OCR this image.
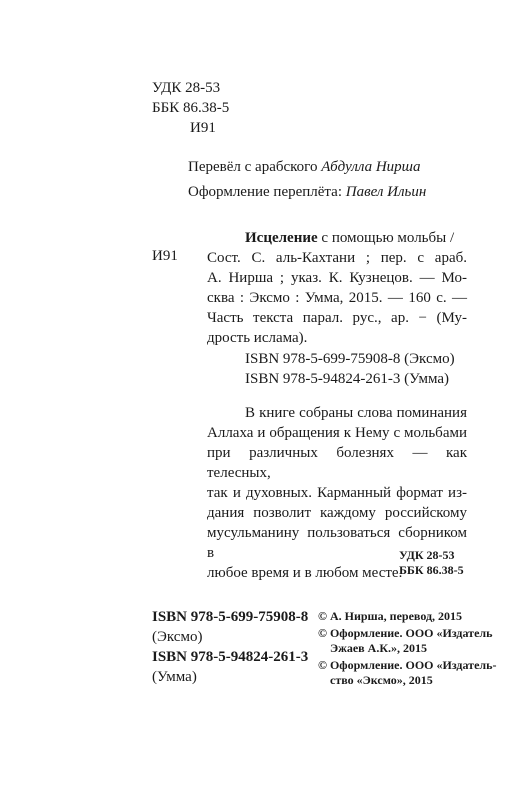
УДК 28-53
ББК 86.38-5
И91
Перевёл с арабского Абдулла Нирша
Оформление переплёта: Павел Ильин
И91
Исцеление с помощью мольбы /
Сост. С. аль-Кахтани ; пер. с араб.
А. Нирша ; указ. К. Кузнецов. — Мо-
сква : Эксмо : Умма, 2015. — 160 с. —
Часть текста парал. рус., ар. − (Му-
дрость ислама).
ISBN 978-5-699-75908-8 (Эксмо)
ISBN 978-5-94824-261-3 (Умма)
В книге собраны слова поминания
Аллаха и обращения к Нему с мольбами
при различных болезнях — как телесных,
так и духовных. Карманный формат из-
дания позволит каждому российскому
мусульманину пользоваться сборником в
любое время и в любом месте.
УДК 28-53
ББК 86.38-5
ISBN 978-5-699-75908-8
(Эксмо)
ISBN 978-5-94824-261-3
(Умма)
© А. Нирша, перевод, 2015
© Оформление. ООО «Издатель
Эжаев А.К.», 2015
© Оформление. ООО «Издатель-
ство «Эксмо», 2015
